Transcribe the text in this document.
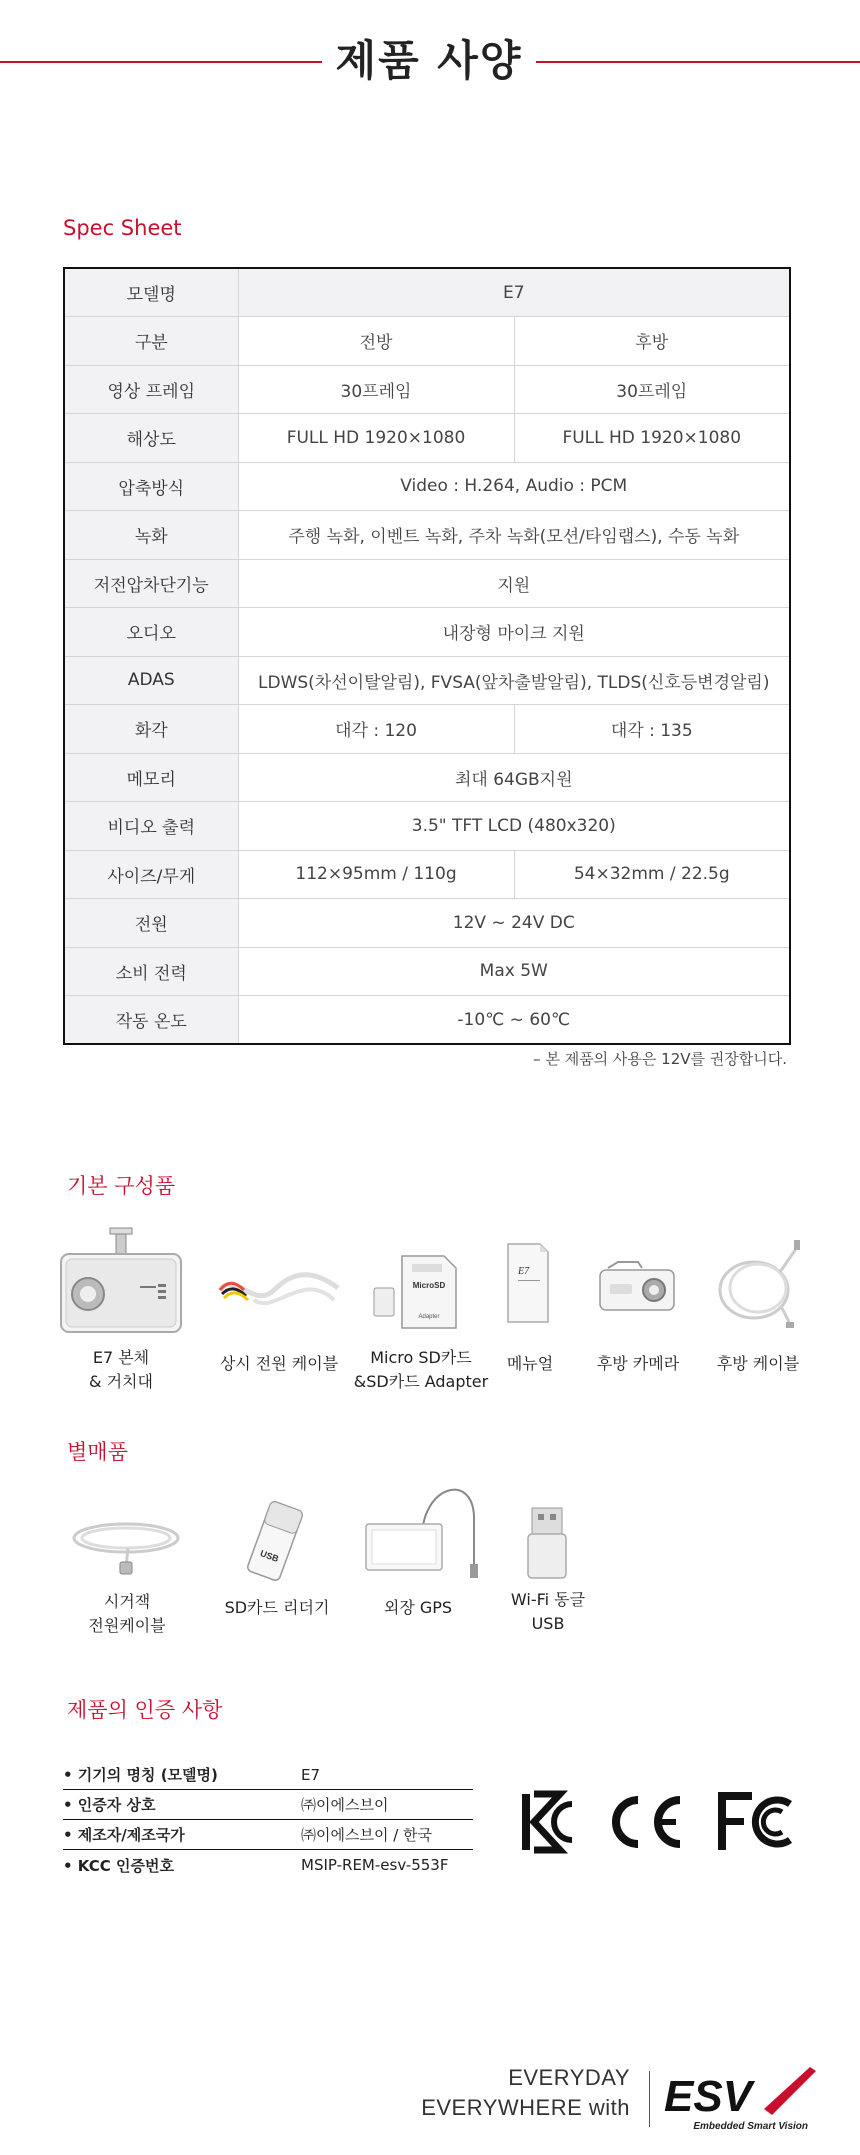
제품 사양
Spec Sheet
모델명	E7	
구분	전방	후방
영상 프레임	30프레임	30프레임
해상도	FULL HD 1920×1080	FULL HD 1920×1080
압축방식	Video : H.264, Audio : PCM	
녹화	주행 녹화, 이벤트 녹화, 주차 녹화(모션/타임랩스), 수동 녹화	
저전압차단기능	지원	
오디오	내장형 마이크 지원	
ADAS	LDWS(차선이탈알림), FVSA(앞차출발알림), TLDS(신호등변경알림)	
화각	대각 : 120	대각 : 135
메모리	최대 64GB지원	
비디오 출력	3.5" TFT LCD (480x320)	
사이즈/무게	112×95mm / 110g	54×32mm / 22.5g
전원	12V ~ 24V DC	
소비 전력	Max 5W	
작동 온도	-10℃ ~ 60℃	
– 본 제품의 사용은 12V를 권장합니다.
기본 구성품
E7 본체
& 거치대
상시 전원 케이블
MicroSD
Adapter
Micro SD카드
&SD카드 Adapter
E7
메뉴얼	후방 카메라	후방 케이블
별매품
시거잭
전원케이블
USB
SD카드 리더기	외장 GPS	Wi-Fi 동글
USB
제품의 인증 사항
• 기기의 명칭 (모델명)	E7
• 인증자 상호	㈜이에스브이
• 제조자/제조국가	㈜이에스브이 / 한국
• KCC 인증번호	MSIP-REM-esv-553F
EVERYDAY
EVERYWHERE with ESV
Embedded Smart Vision
